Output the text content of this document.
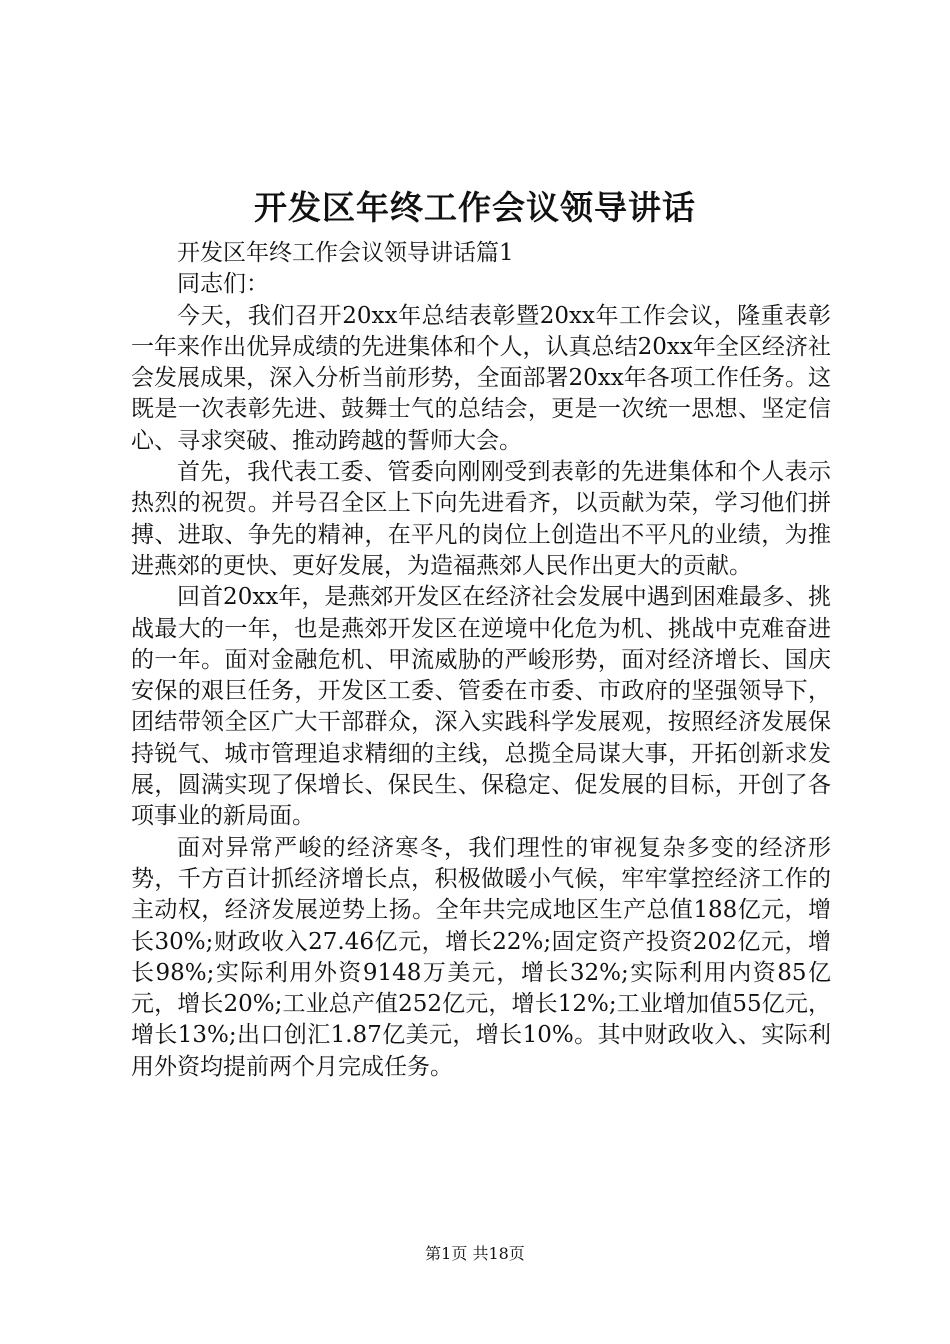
开发区年终工作会议领导讲话

开发区年终工作会议领导讲话篇1

同志们：

今天，我们召开20xx年总结表彰暨20xx年工作会议，隆重表彰一年来作出优异成绩的先进集体和个人，认真总结20xx年全区经济社会发展成果，深入分析当前形势，全面部署20xx年各项工作任务。这既是一次表彰先进、鼓舞士气的总结会，更是一次统一思想、坚定信心、寻求突破、推动跨越的誓师大会。

首先，我代表工委、管委向刚刚受到表彰的先进集体和个人表示热烈的祝贺。并号召全区上下向先进看齐，以贡献为荣，学习他们拼搏、进取、争先的精神，在平凡的岗位上创造出不平凡的业绩，为推进燕郊的更快、更好发展，为造福燕郊人民作出更大的贡献。

回首20xx年，是燕郊开发区在经济社会发展中遇到困难最多、挑战最大的一年，也是燕郊开发区在逆境中化危为机、挑战中克难奋进的一年。面对金融危机、甲流威胁的严峻形势，面对经济增长、国庆安保的艰巨任务，开发区工委、管委在市委、市政府的坚强领导下，团结带领全区广大干部群众，深入实践科学发展观，按照经济发展保持锐气、城市管理追求精细的主线，总揽全局谋大事，开拓创新求发展，圆满实现了保增长、保民生、保稳定、促发展的目标，开创了各项事业的新局面。

面对异常严峻的经济寒冬，我们理性的审视复杂多变的经济形势，千方百计抓经济增长点，积极做暖小气候，牢牢掌控经济工作的主动权，经济发展逆势上扬。全年共完成地区生产总值188亿元，增长30%;财政收入27.46亿元，增长22%;固定资产投资202亿元，增长98%;实际利用外资9148万美元，增长32%;实际利用内资85亿元，增长20%;工业总产值252亿元，增长12%;工业增加值55亿元，增长13%;出口创汇1.87亿美元，增长10%。其中财政收入、实际利用外资均提前两个月完成任务。

第1页 共18页
